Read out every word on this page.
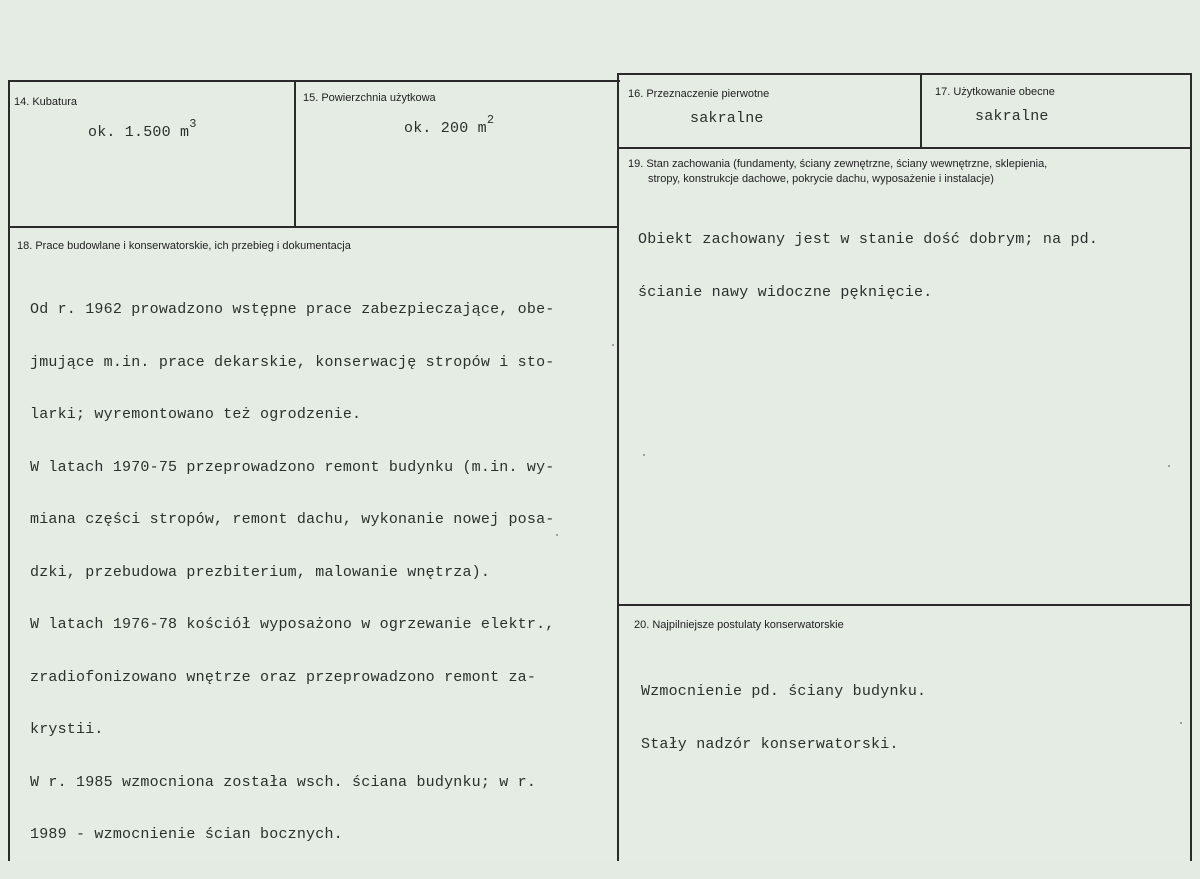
14. Kubatura
ok. 1.500 $m^3$
15. Powierzchnia użytkowa
ok. 200 $m^2$
16. Przeznaczenie pierwotne
sakralne
17. Użytkowanie obecne
sakralne
18. Prace budowlane i konserwatorskie, ich przebieg i dokumentacja

Od r. 1962 prowadzono wstępne prace zabezpieczające, obe-

jmujące m.in. prace dekarskie, konserwację stropów i sto-

larki; wyremontowano też ogrodzenie.

W latach 1970-75 przeprowadzono remont budynku (m.in. wy-

miana części stropów, remont dachu, wykonanie nowej posa-

dzki, przebudowa prezbiterium, malowanie wnętrza).

W latach 1976-78 kościół wyposażono w ogrzewanie elektr.,

zradiofonizowano wnętrze oraz przeprowadzono remont za-

krystii.

W r. 1985 wzmocniona została wsch. ściana budynku; w r.

1989 - wzmocnienie ścian bocznych.

19. Stan zachowania (fundamenty, ściany zewnętrzne, ściany wewnętrzne, sklepienia,
stropy, konstrukcje dachowe, pokrycie dachu, wyposażenie i instalacje)

Obiekt zachowany jest w stanie dość dobrym; na pd.

ścianie nawy widoczne pęknięcie.

20. Najpilniejsze postulaty konserwatorskie

Wzmocnienie pd. ściany budynku.

Stały nadzór konserwatorski.
